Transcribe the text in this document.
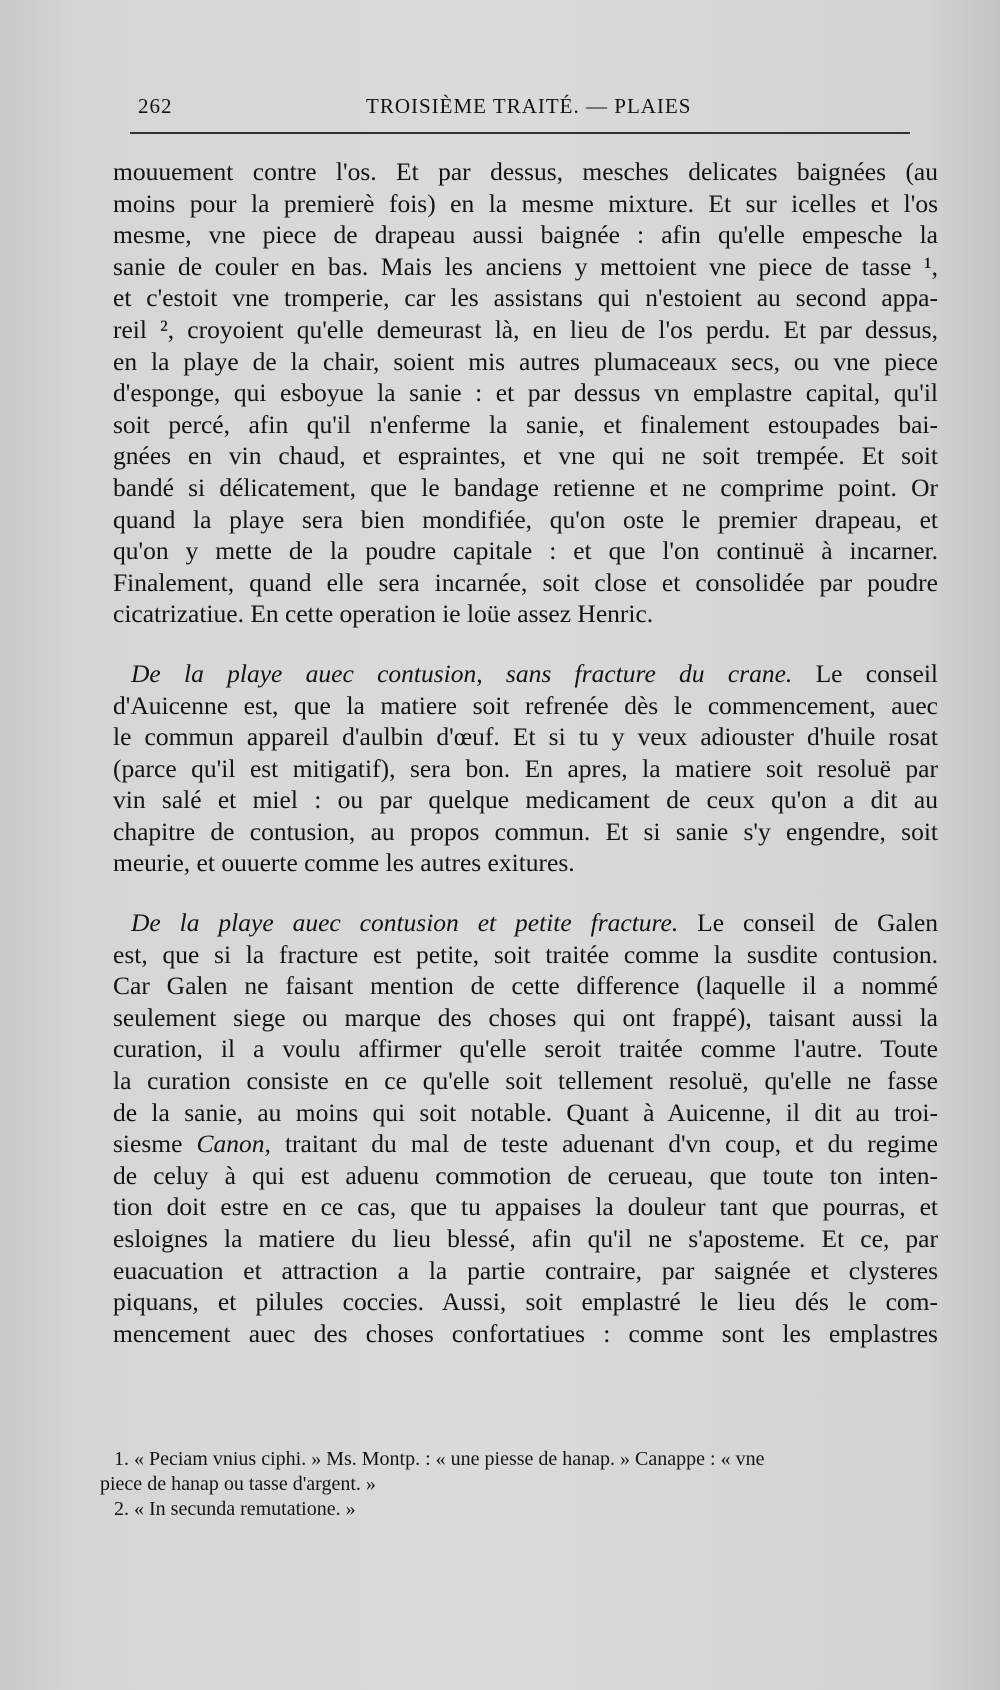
262	TROISIÈME TRAITÉ. — PLAIES
mouuement contre l'os. Et par dessus, mesches delicates baignées (au
moins pour la premierè fois) en la mesme mixture. Et sur icelles et l'os
mesme, vne piece de drapeau aussi baignée : afin qu'elle empesche la
sanie de couler en bas. Mais les anciens y mettoient vne piece de tasse ¹,
et c'estoit vne tromperie, car les assistans qui n'estoient au second appa-
reil ², croyoient qu'elle demeurast là, en lieu de l'os perdu. Et par dessus,
en la playe de la chair, soient mis autres plumaceaux secs, ou vne piece
d'esponge, qui esboyue la sanie : et par dessus vn emplastre capital, qu'il
soit percé, afin qu'il n'enferme la sanie, et finalement estoupades bai-
gnées en vin chaud, et espraintes, et vne qui ne soit trempée. Et soit
bandé si délicatement, que le bandage retienne et ne comprime point. Or
quand la playe sera bien mondifiée, qu'on oste le premier drapeau, et
qu'on y mette de la poudre capitale : et que l'on continuë à incarner.
Finalement, quand elle sera incarnée, soit close et consolidée par poudre
cicatrizatiue. En cette operation ie loüe assez Henric.
De la playe auec contusion, sans fracture du crane. Le conseil
d'Auicenne est, que la matiere soit refrenée dès le commencement, auec
le commun appareil d'aulbin d'œuf. Et si tu y veux adiouster d'huile rosat
(parce qu'il est mitigatif), sera bon. En apres, la matiere soit resoluë par
vin salé et miel : ou par quelque medicament de ceux qu'on a dit au
chapitre de contusion, au propos commun. Et si sanie s'y engendre, soit
meurie, et ouuerte comme les autres exitures.
De la playe auec contusion et petite fracture. Le conseil de Galen
est, que si la fracture est petite, soit traitée comme la susdite contusion.
Car Galen ne faisant mention de cette difference (laquelle il a nommé
seulement siege ou marque des choses qui ont frappé), taisant aussi la
curation, il a voulu affirmer qu'elle seroit traitée comme l'autre. Toute
la curation consiste en ce qu'elle soit tellement resoluë, qu'elle ne fasse
de la sanie, au moins qui soit notable. Quant à Auicenne, il dit au troi-
siesme Canon, traitant du mal de teste aduenant d'vn coup, et du regime
de celuy à qui est aduenu commotion de cerueau, que toute ton inten-
tion doit estre en ce cas, que tu appaises la douleur tant que pourras, et
esloignes la matiere du lieu blessé, afin qu'il ne s'aposteme. Et ce, par
euacuation et attraction a la partie contraire, par saignée et clysteres
piquans, et pilules coccies. Aussi, soit emplastré le lieu dés le com-
mencement auec des choses confortatiues : comme sont les emplastres
1. « Peciam vnius ciphi. » Ms. Montp. : « une piesse de hanap. » Canappe : « vne
piece de hanap ou tasse d'argent. »
2. « In secunda remutatione. »
